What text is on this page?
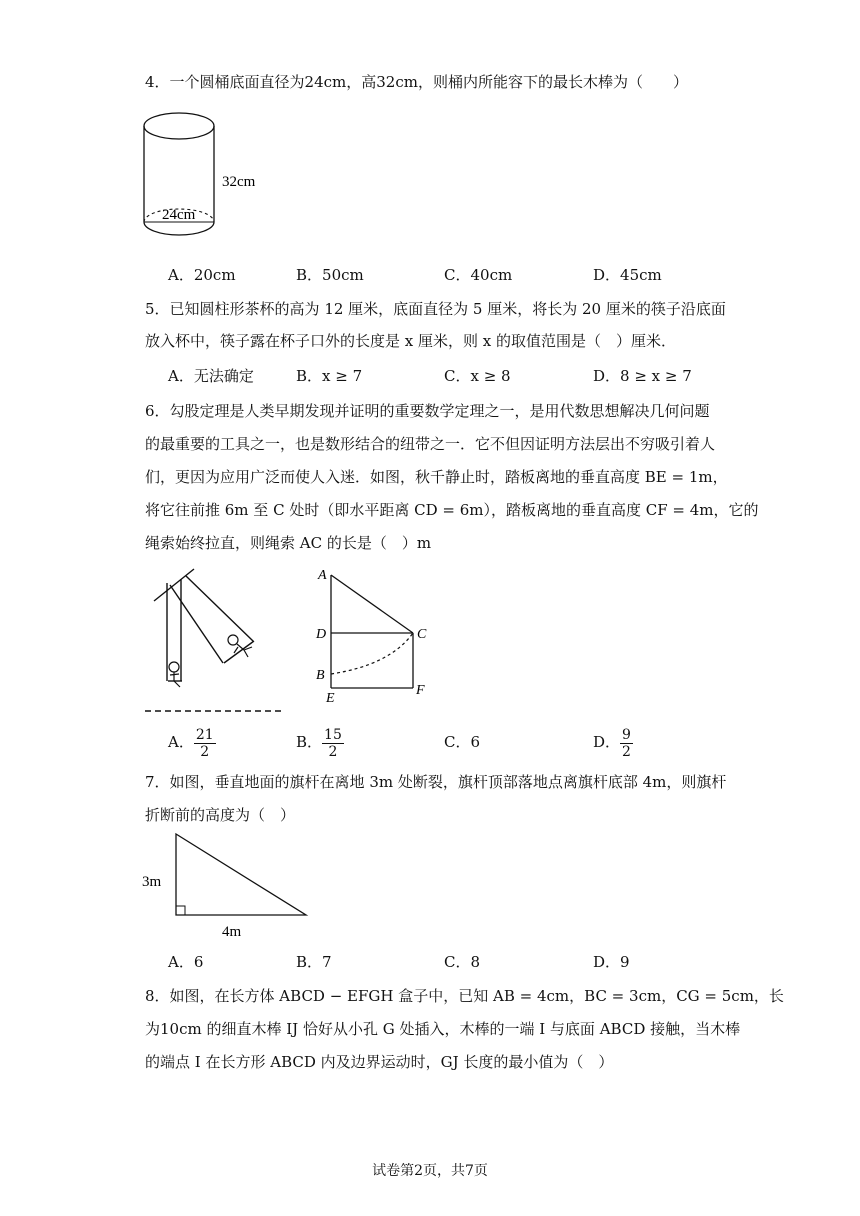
4．一个圆桶底面直径为24cm，高32cm，则桶内所能容下的最长木棒为（　　）
32cm
24cm
A．20cm	B．50cm	C．40cm	D．45cm
5．已知圆柱形茶杯的高为 12 厘米，底面直径为 5 厘米，将长为 20 厘米的筷子沿底面
放入杯中，筷子露在杯子口外的长度是 x 厘米，则 x 的取值范围是（　）厘米．
A．无法确定	B．x ≥ 7	C．x ≥ 8	D．8 ≥ x ≥ 7
6．勾股定理是人类早期发现并证明的重要数学定理之一，是用代数思想解决几何问题
的最重要的工具之一，也是数形结合的纽带之一．它不但因证明方法层出不穷吸引着人
们，更因为应用广泛而使人入迷．如图，秋千静止时，踏板离地的垂直高度 BE = 1m，
将它往前推 6m 至 C 处时（即水平距离 CD = 6m），踏板离地的垂直高度 CF = 4m，它的
绳索始终拉直，则绳索 AC 的长是（　）m
A
D	C
B
E
F
A． $\frac{21}{2}$	B． $\frac{15}{2}$	C．6	D． $\frac{9}{2}$
7．如图，垂直地面的旗杆在离地 3m 处断裂，旗杆顶部落地点离旗杆底部 4m，则旗杆
折断前的高度为（　）
3m
4m
A．6	B．7	C．8	D．9
8．如图，在长方体 ABCD − EFGH 盒子中，已知 AB = 4cm，BC = 3cm，CG = 5cm，长
为10cm 的细直木棒 IJ 恰好从小孔 G 处插入，木棒的一端 I 与底面 ABCD 接触，当木棒
的端点 I 在长方形 ABCD 内及边界运动时，GJ 长度的最小值为（　）
试卷第2页，共7页
